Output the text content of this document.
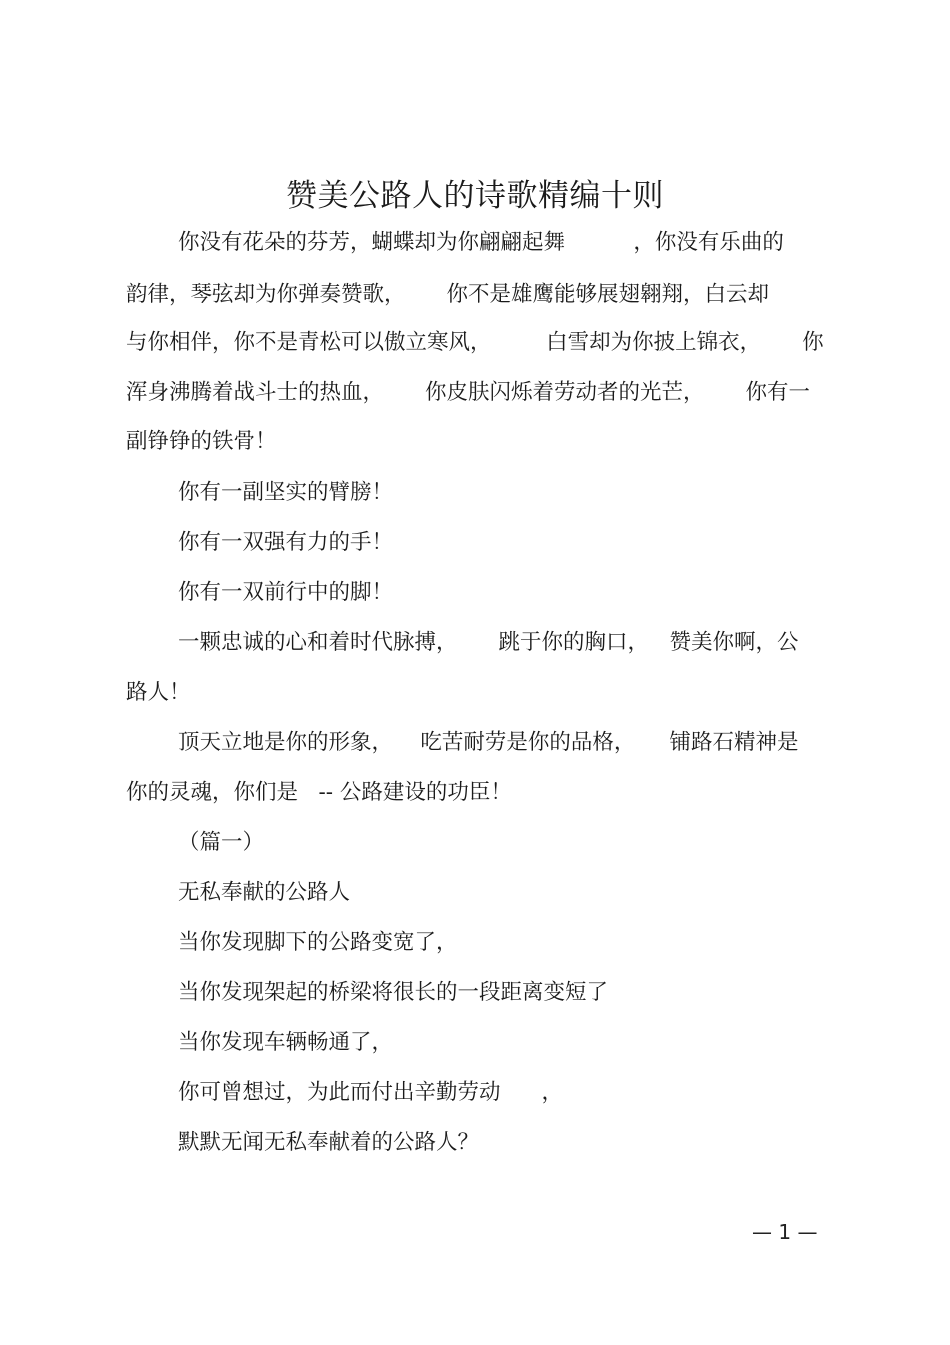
赞美公路人的诗歌精编十则
你没有花朵的芬芳，蝴蝶却为你翩翩起舞          ，你没有乐曲的
韵律，琴弦却为你弹奏赞歌，      你不是雄鹰能够展翅翱翔，白云却
与你相伴，你不是青松可以傲立寒风，        白雪却为你披上锦衣，      你
浑身沸腾着战斗士的热血，      你皮肤闪烁着劳动者的光芒，      你有一
副铮铮的铁骨！
你有一副坚实的臂膀！
你有一双强有力的手！
你有一双前行中的脚！
一颗忠诚的心和着时代脉搏，      跳于你的胸口，   赞美你啊，公
路人！
顶天立地是你的形象，    吃苦耐劳是你的品格，     铺路石精神是
你的灵魂，你们是   -- 公路建设的功臣！
（篇一）
无私奉献的公路人
当你发现脚下的公路变宽了，
当你发现架起的桥梁将很长的一段距离变短了
当你发现车辆畅通了，
你可曾想过，为此而付出辛勤劳动      ，
默默无闻无私奉献着的公路人？
— 1 —
